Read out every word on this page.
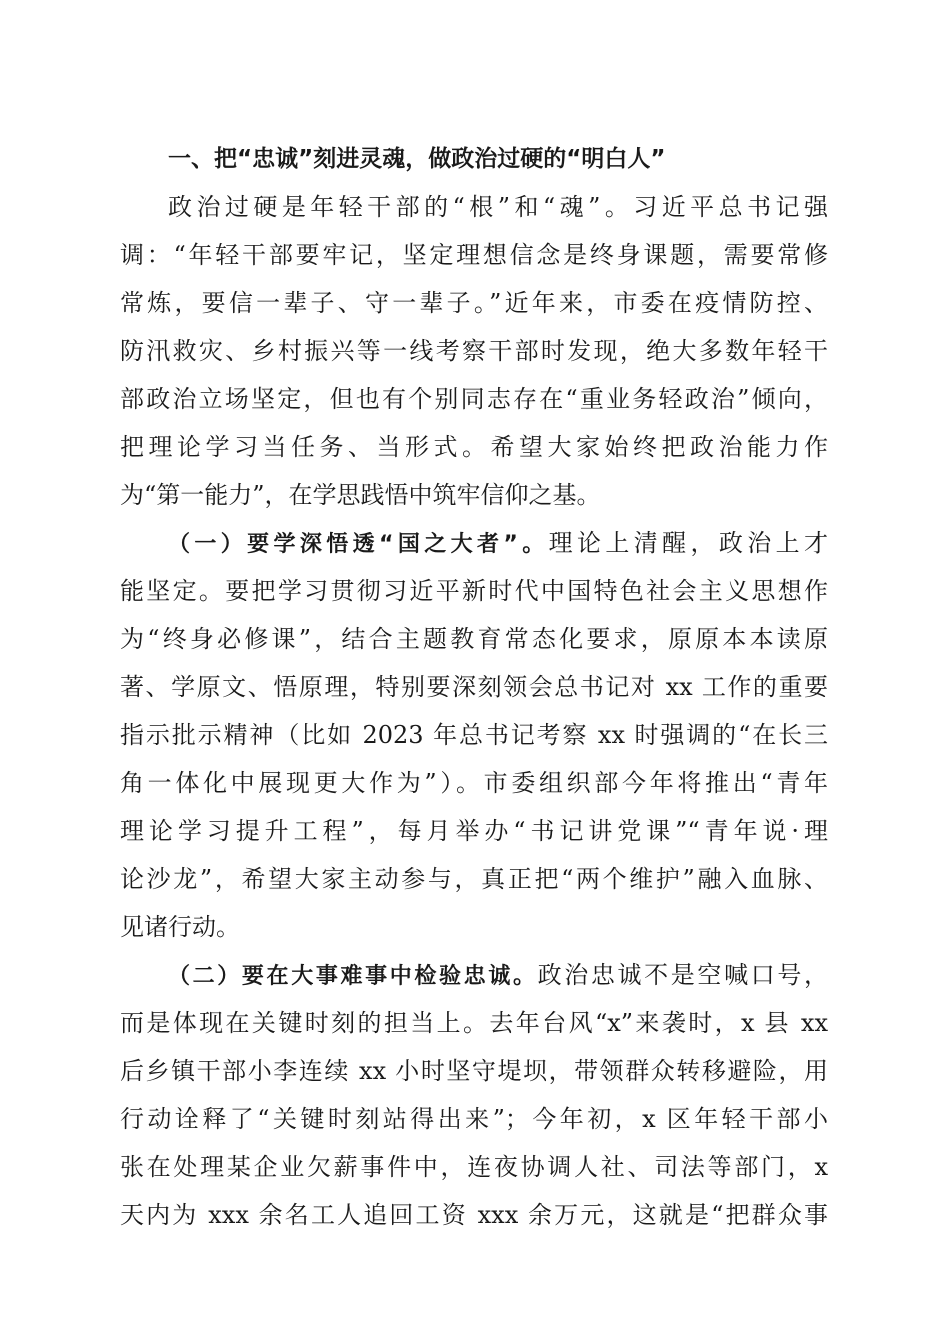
一、把“忠诚”刻进灵魂，做政治过硬的“明白人”
政治过硬是年轻干部的“根”和“魂”。习近平总书记强
调：“年轻干部要牢记，坚定理想信念是终身课题，需要常修
常炼，要信一辈子、守一辈子。”近年来，市委在疫情防控、
防汛救灾、乡村振兴等一线考察干部时发现，绝大多数年轻干
部政治立场坚定，但也有个别同志存在“重业务轻政治”倾向，
把理论学习当任务、当形式。希望大家始终把政治能力作
为“第一能力”，在学思践悟中筑牢信仰之基。
（一）要学深悟透“国之大者”。理论上清醒，政治上才
能坚定。要把学习贯彻习近平新时代中国特色社会主义思想作
为“终身必修课”，结合主题教育常态化要求，原原本本读原
著、学原文、悟原理，特别要深刻领会总书记对 xx 工作的重要
指示批示精神（比如 2023 年总书记考察 xx 时强调的“在长三
角一体化中展现更大作为”）。市委组织部今年将推出“青年
理论学习提升工程”，每月举办“书记讲党课”“青年说·理
论沙龙”，希望大家主动参与，真正把“两个维护”融入血脉、
见诸行动。
（二）要在大事难事中检验忠诚。政治忠诚不是空喊口号，
而是体现在关键时刻的担当上。去年台风“x”来袭时，x 县 xx
后乡镇干部小李连续 xx 小时坚守堤坝，带领群众转移避险，用
行动诠释了“关键时刻站得出来”；今年初，x 区年轻干部小
张在处理某企业欠薪事件中，连夜协调人社、司法等部门，x
天内为 xxx 余名工人追回工资 xxx 余万元，这就是“把群众事
